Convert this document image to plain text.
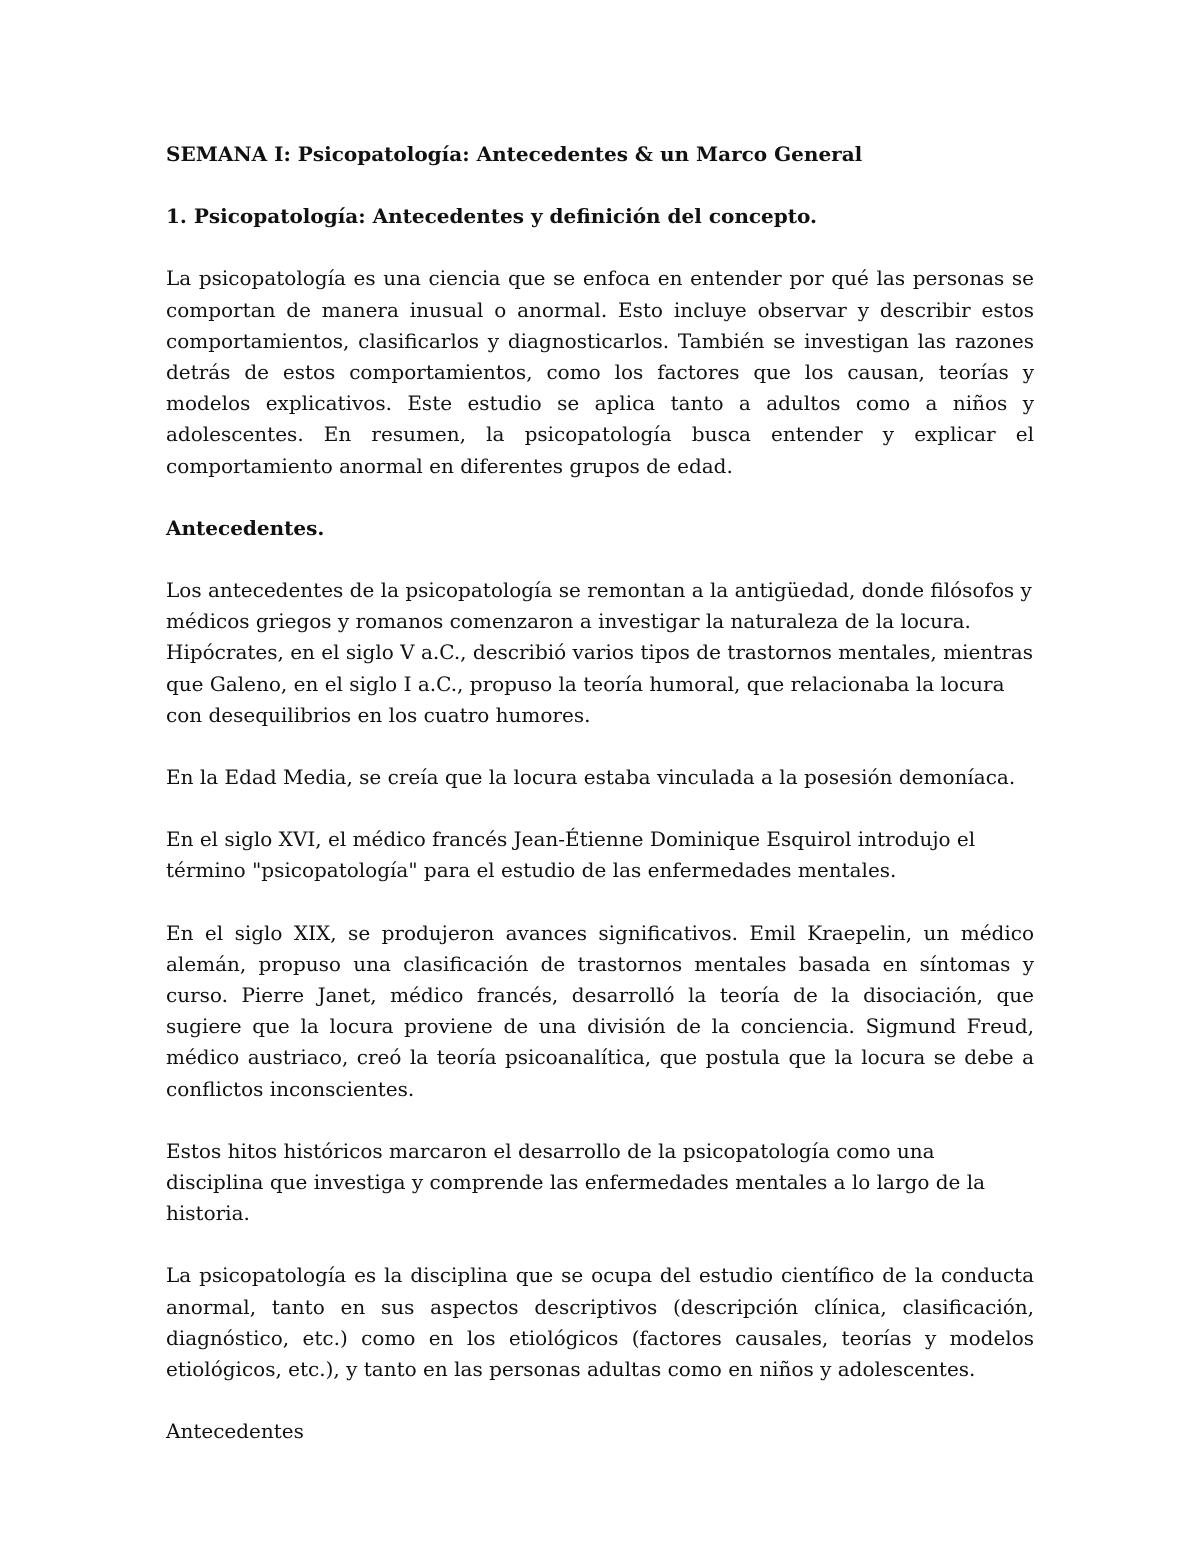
SEMANA I: Psicopatología: Antecedentes & un Marco General
1. Psicopatología: Antecedentes y definición del concepto.

La psicopatología es una ciencia que se enfoca en entender por qué las personas se comportan de manera inusual o anormal. Esto incluye observar y describir estos comportamientos, clasificarlos y diagnosticarlos. También se investigan las razones detrás de estos comportamientos, como los factores que los causan, teorías y modelos explicativos. Este estudio se aplica tanto a adultos como a niños y adolescentes. En resumen, la psicopatología busca entender y explicar el comportamiento anormal en diferentes grupos de edad.

Antecedentes.

Los antecedentes de la psicopatología se remontan a la antigüedad, donde filósofos y médicos griegos y romanos comenzaron a investigar la naturaleza de la locura. Hipócrates, en el siglo V a.C., describió varios tipos de trastornos mentales, mientras que Galeno, en el siglo I a.C., propuso la teoría humoral, que relacionaba la locura con desequilibrios en los cuatro humores.

En la Edad Media, se creía que la locura estaba vinculada a la posesión demoníaca.

En el siglo XVI, el médico francés Jean-Étienne Dominique Esquirol introdujo el término "psicopatología" para el estudio de las enfermedades mentales.

En el siglo XIX, se produjeron avances significativos. Emil Kraepelin, un médico alemán, propuso una clasificación de trastornos mentales basada en síntomas y curso. Pierre Janet, médico francés, desarrolló la teoría de la disociación, que sugiere que la locura proviene de una división de la conciencia. Sigmund Freud, médico austriaco, creó la teoría psicoanalítica, que postula que la locura se debe a conflictos inconscientes.

Estos hitos históricos marcaron el desarrollo de la psicopatología como una disciplina que investiga y comprende las enfermedades mentales a lo largo de la historia.

La psicopatología es la disciplina que se ocupa del estudio científico de la conducta anormal, tanto en sus aspectos descriptivos (descripción clínica, clasificación, diagnóstico, etc.) como en los etiológicos (factores causales, teorías y modelos etiológicos, etc.), y tanto en las personas adultas como en niños y adolescentes.

Antecedentes
